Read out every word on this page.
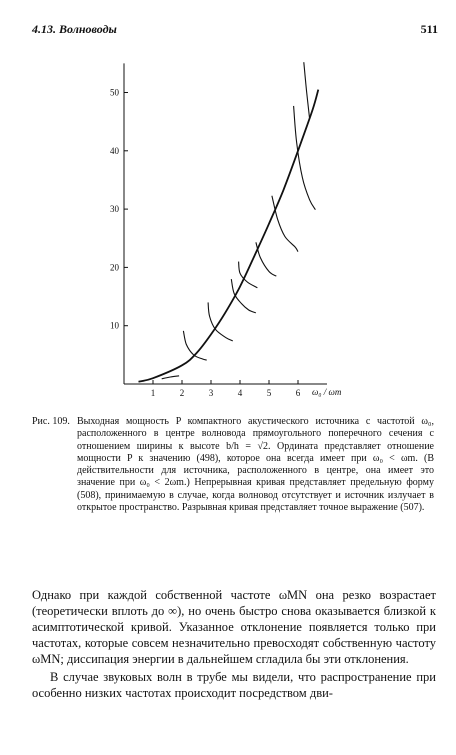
4.13. Волноводы	511
10
20
30
40
50
1	2	3	4	5	6 ω₀ / ωm
Рис. 109. Выходная мощность P компактного акустического источника с частотой ω₀, расположенного в центре волновода прямоугольного поперечного сечения с отношением ширины к высоте b/h = √2. Ордината представляет отношение мощности P к значению (498), которое она всегда имеет при ω₀ < ωm. (В действительности для источника, расположенного в центре, она имеет это значение при ω₀ < 2ωm.) Непрерывная кривая представляет предельную форму (508), принимаемую в случае, когда волновод отсутствует и источник излучает в открытое пространство. Разрывная кривая представляет точное выражение (507).

Однако при каждой собственной частоте ωMN она резко возрастает (теоретически вплоть до ∞), но очень быстро снова оказывается близкой к асимптотической кривой. Указанное отклонение появляется только при частотах, которые совсем незначительно превосходят собственную частоту ωMN; диссипация энергии в дальнейшем сгладила бы эти отклонения.

В случае звуковых волн в трубе мы видели, что распространение при особенно низких частотах происходит посредством дви-
